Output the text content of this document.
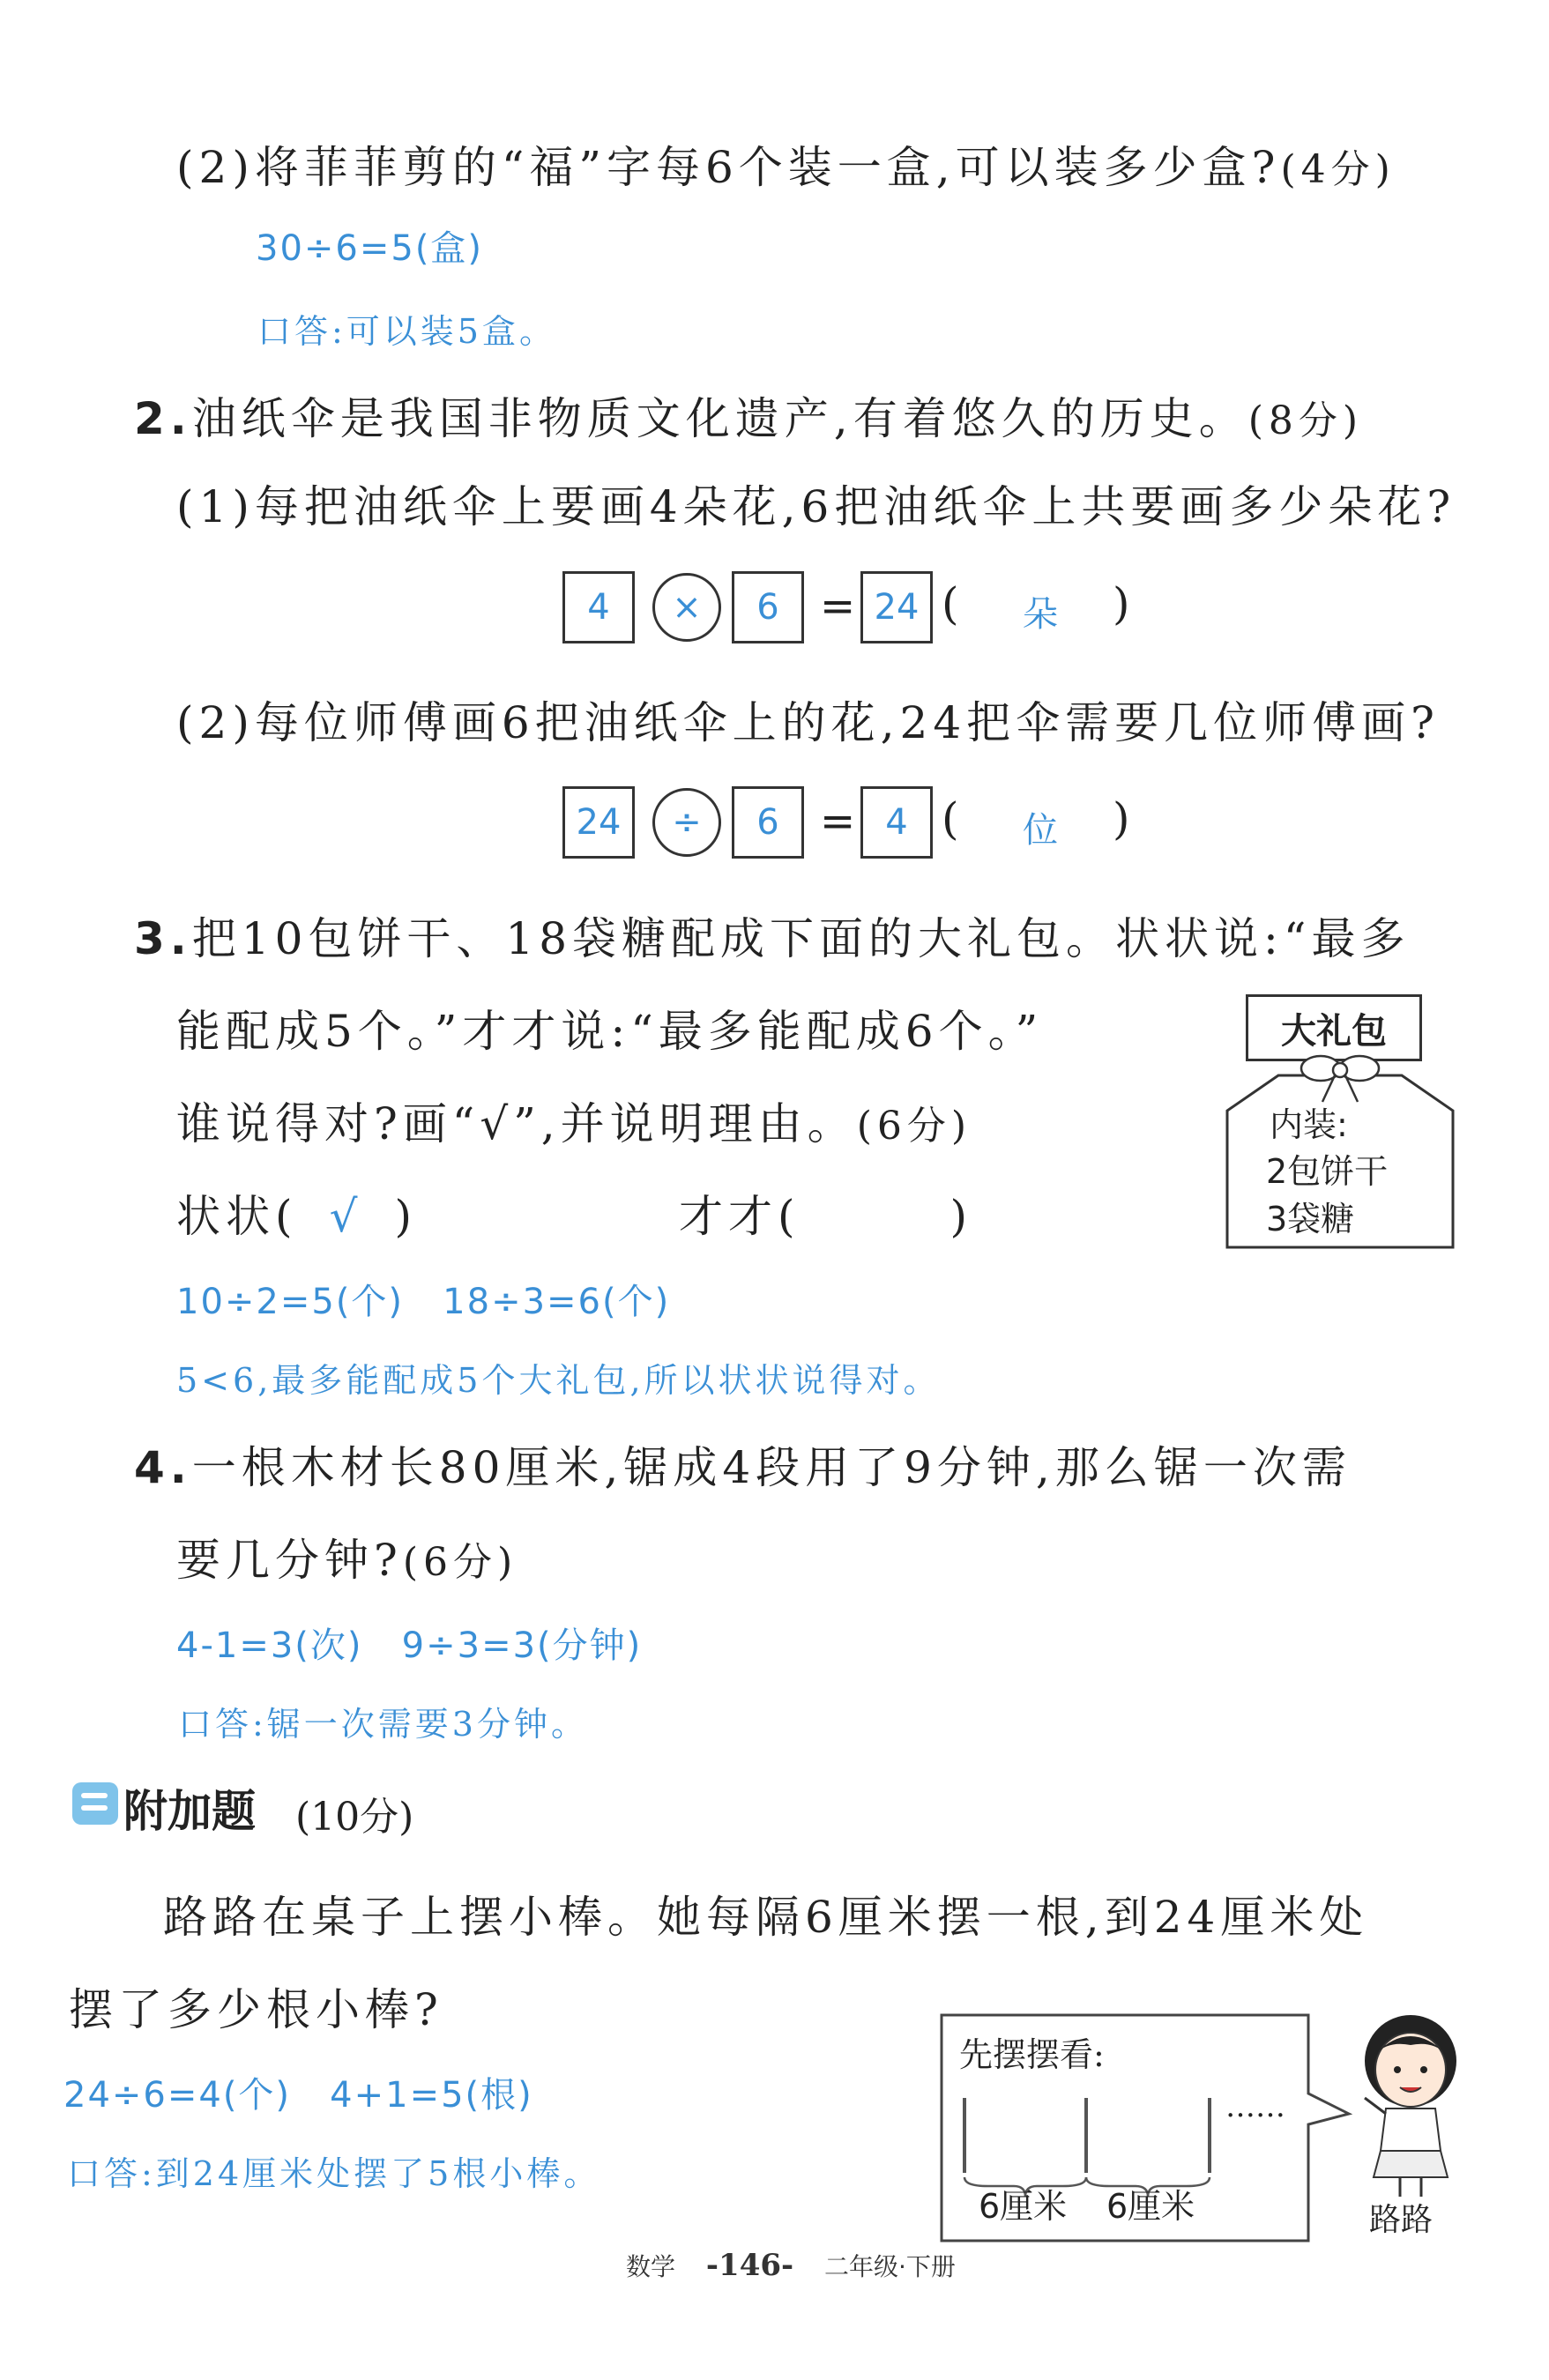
(2)将菲菲剪的“福”字每6个装一盒,可以装多少盒?(4分)
30÷6=5(盒)
口答:可以装5盒。
2.油纸伞是我国非物质文化遗产,有着悠久的历史。(8分)
(1)每把油纸伞上要画4朵花,6把油纸伞上共要画多少朵花?
4	×	6 = 24 ( 朵 )
(2)每位师傅画6把油纸伞上的花,24把伞需要几位师傅画?
24	÷	6 = 4 ( 位 )
3.把10包饼干、18袋糖配成下面的大礼包。状状说:“最多
能配成5个。”才才说:“最多能配成6个。”
谁说得对?画“√”,并说明理由。(6分)
状状( √ )	才才(	)
10÷2=5(个)   18÷3=6(个)
5<6,最多能配成5个大礼包,所以状状说得对。
大礼包
内装:
2包饼干
3袋糖
4.一根木材长80厘米,锯成4段用了9分钟,那么锯一次需
要几分钟?(6分)
4-1=3(次)   9÷3=3(分钟)
口答:锯一次需要3分钟。
附加题 (10分)
路路在桌子上摆小棒。她每隔6厘米摆一根,到24厘米处
摆了多少根小棒?
24÷6=4(个)   4+1=5(根)
口答:到24厘米处摆了5根小棒。
先摆摆看:
……
6厘米 6厘米	路路
数学 -146- 二年级·下册
